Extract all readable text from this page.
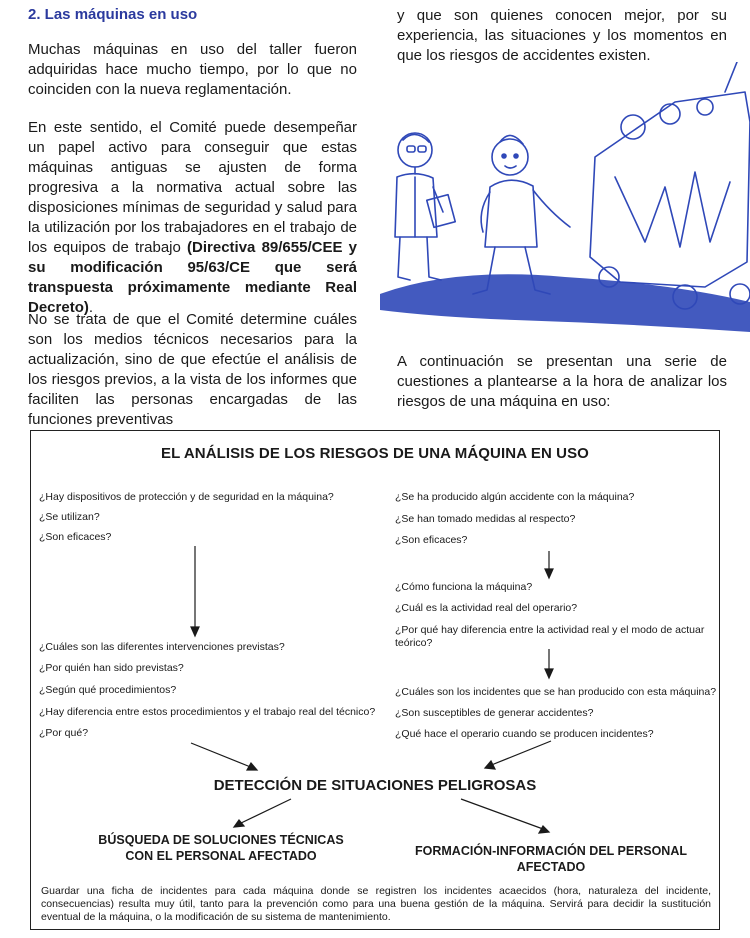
2. Las máquinas en uso
Muchas máquinas en uso del taller fueron adquiridas hace mucho tiempo, por lo que no coinciden con la nueva reglamentación.
En este sentido, el Comité puede desempeñar un papel activo para conseguir que estas máquinas antiguas se ajusten de forma progresiva a la normativa actual sobre las disposiciones mínimas de seguridad y salud para la utilización por los trabajadores en el trabajo de los equipos de trabajo (Directiva 89/655/CEE y su modificación 95/63/CE que será transpuesta próximamente mediante Real Decreto).
No se trata de que el Comité determine cuáles son los medios técnicos necesarios para la actualización, sino de que efectúe el análisis de los riesgos previos, a la vista de los informes que faciliten las personas encargadas de las funciones preventivas
y que son quienes conocen mejor, por su experiencia, las situaciones y los momentos en que los riesgos de accidentes existen.
A continuación se presentan una serie de cuestiones a plantearse a la hora de analizar los riesgos de una máquina en uso:
EL ANÁLISIS DE LOS RIESGOS DE UNA MÁQUINA EN USO
¿Hay dispositivos de protección y de seguridad en la máquina?
¿Se utilizan?
¿Son eficaces?
¿Se ha producido algún accidente con la máquina?
¿Se han tomado medidas al respecto?
¿Son eficaces?
¿Cómo funciona la máquina?
¿Cuál es la actividad real del operario?
¿Por qué hay diferencia entre la actividad real y el modo de actuar teórico?
¿Cuáles son las diferentes intervenciones previstas?
¿Por quién han sido previstas?
¿Según qué procedimientos?
¿Hay diferencia entre estos procedimientos y el trabajo real del técnico?
¿Por qué?
¿Cuáles son los incidentes que se han producido con esta máquina?
¿Son susceptibles de generar accidentes?
¿Qué hace el operario cuando se producen incidentes?
DETECCIÓN DE SITUACIONES PELIGROSAS
BÚSQUEDA DE SOLUCIONES TÉCNICAS
CON EL PERSONAL AFECTADO	FORMACIÓN-INFORMACIÓN DEL PERSONAL AFECTADO
Guardar una ficha de incidentes para cada máquina donde se registren los incidentes acaecidos (hora, naturaleza del incidente, consecuencias) resulta muy útil, tanto para la prevención como para una buena gestión de la máquina. Servirá para decidir la sustitución eventual de la máquina, o la modificación de su sistema de mantenimiento.
